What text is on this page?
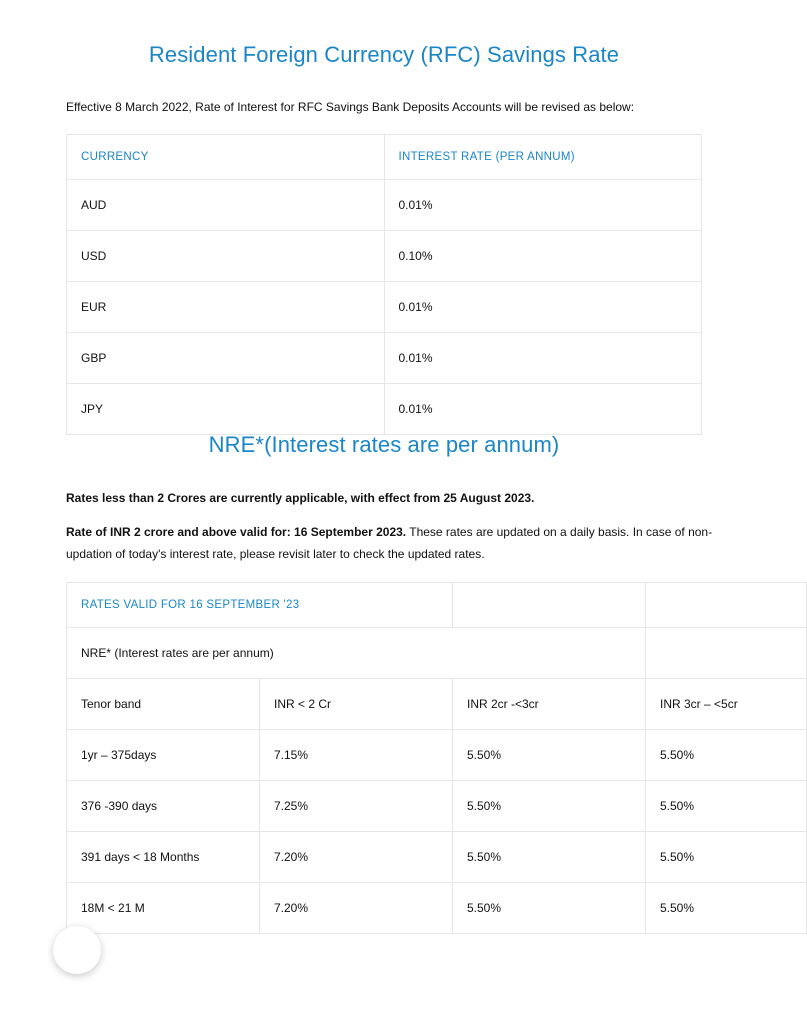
Resident Foreign Currency (RFC) Savings Rate

Effective 8 March 2022, Rate of Interest for RFC Savings Bank Deposits Accounts will be revised as below:

CURRENCY	INTEREST RATE (PER ANNUM)
AUD	0.01%
USD	0.10%
EUR	0.01%
GBP	0.01%
JPY	0.01%
NRE*(Interest rates are per annum)

Rates less than 2 Crores are currently applicable, with effect from 25 August 2023.

Rate of INR 2 crore and above valid for: 16 September 2023. These rates are updated on a daily basis. In case of non-updation of today's interest rate, please revisit later to check the updated rates.

RATES VALID FOR 16 SEPTEMBER '23			
NRE* (Interest rates are per annum)			
Tenor band	INR < 2 Cr	INR 2cr -<3cr	INR 3cr – <5cr
1yr – 375days	7.15%	5.50%	5.50%
376 -390 days	7.25%	5.50%	5.50%
391 days < 18 Months	7.20%	5.50%	5.50%
18M < 21 M	7.20%	5.50%	5.50%
